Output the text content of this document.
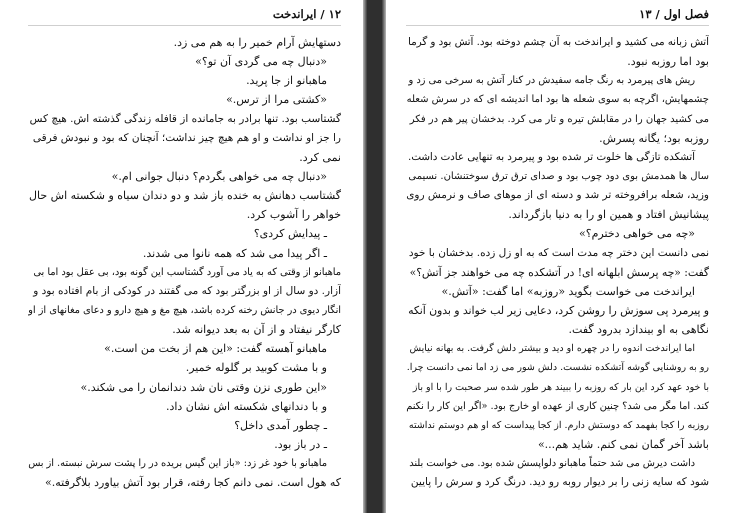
۱۲ / ایراندخت
دستهایش آرام خمیر را به هم می زد.
«دنبال چه می گردی آن تو؟»
ماهبانو از جا پرید.
«کشتی مرا از ترس.»
گشتاسب بود. تنها برادر به جامانده از قافله زندگی گذشته اش. هیچ کس
را جز او نداشت و او هم هیچ چیز نداشت؛ آنچنان که بود و نبودش فرقی
نمی کرد.
«دنبال چه می خواهی بگردم؟ دنبال جوانی ام.»
گشتاسب دهانش به خنده باز شد و دو دندان سیاه و شکسته اش حال
خواهر را آشوب کرد.
ـ پیدایش کردی؟
ـ اگر پیدا می شد که همه نانوا می شدند.
ماهبانو از وقتی که به یاد می آورد گشتاسب این گونه بود، بی عقل بود اما بی
آزار. دو سال از او بزرگتر بود که می گفتند در کودکی از بام افتاده بود و
انگار دیوی در جانش رخنه کرده باشد، هیچ مغ و هیچ دارو و دعای مغانهای از او
کارگر نیفتاد و از آن به بعد دیوانه شد.
ماهبانو آهسته گفت: «این هم از بخت من است.»
و با مشت کوبید بر گلوله خمیر.
«این طوری نزن وقتی نان شد دندانمان را می شکند.»
و با دندانهای شکسته اش نشان داد.
ـ چطور آمدی داخل؟
ـ در باز بود.
ماهبانو با خود غر زد: «باز این گیس بریده در را پشت سرش نبسته. از بس
که هول است. نمی دانم کجا رفته، قرار بود آتش بیاورد بلاگرفته.»
فصل اول / ۱۳
آتش زبانه می کشید و ایراندخت به آن چشم دوخته بود. آتش بود و گرما
بود اما روزبه نبود.
ریش های پیرمرد به رنگ جامه سفیدش در کنار آتش به سرخی می زد و
چشمهایش، اگرچه به سوی شعله ها بود اما اندیشه ای که در سرش شعله
می کشید جهان را در مقابلش تیره و تار می کرد. بدخشان پیر هم در فکر
روزبه بود؛ یگانه پسرش.
آتشکده تازگی ها خلوت تر شده بود و پیرمرد به تنهایی عادت داشت.
سال ها همدمش بوی دود چوب بود و صدای ترق ترق سوختنشان. نسیمی
وزید، شعله برافروخته تر شد و دسته ای از موهای صاف و نرمش روی
پیشانیش افتاد و همین او را به دنیا بازگرداند.
«چه می خواهی دخترم؟»
نمی دانست این دختر چه مدت است که به او زل زده. بدخشان با خود
گفت: «چه پرسش ابلهانه ای! در آتشکده چه می خواهند جز آتش؟»
ایراندخت می خواست بگوید «روزبه» اما گفت: «آتش.»
و پیرمرد پی سوزش را روشن کرد، دعایی زیر لب خواند و بدون آنکه
نگاهی به او بیندازد بدرود گفت.
اما ایراندخت اندوه را در چهره او دید و بیشتر دلش گرفت. به بهانه نیایش
رو به روشنایی گوشه آتشکده نشست. دلش شور می زد اما نمی دانست چرا.
با خود عهد کرد این بار که روزبه را ببیند هر طور شده سر صحبت را با او باز
کند. اما مگر می شد؟ چنین کاری از عهده او خارج بود. «اگر این کار را نکنم
روزبه را کجا بفهمد که دوستش دارم. از کجا پیداست که او هم دوستم نداشته
باشد آخر گمان نمی کنم. شاید هم...»
داشت دیرش می شد حتماً ماهبانو دلواپسش شده بود. می خواست بلند
شود که سایه زنی را بر دیوار روبه رو دید. درنگ کرد و سرش را پایین
